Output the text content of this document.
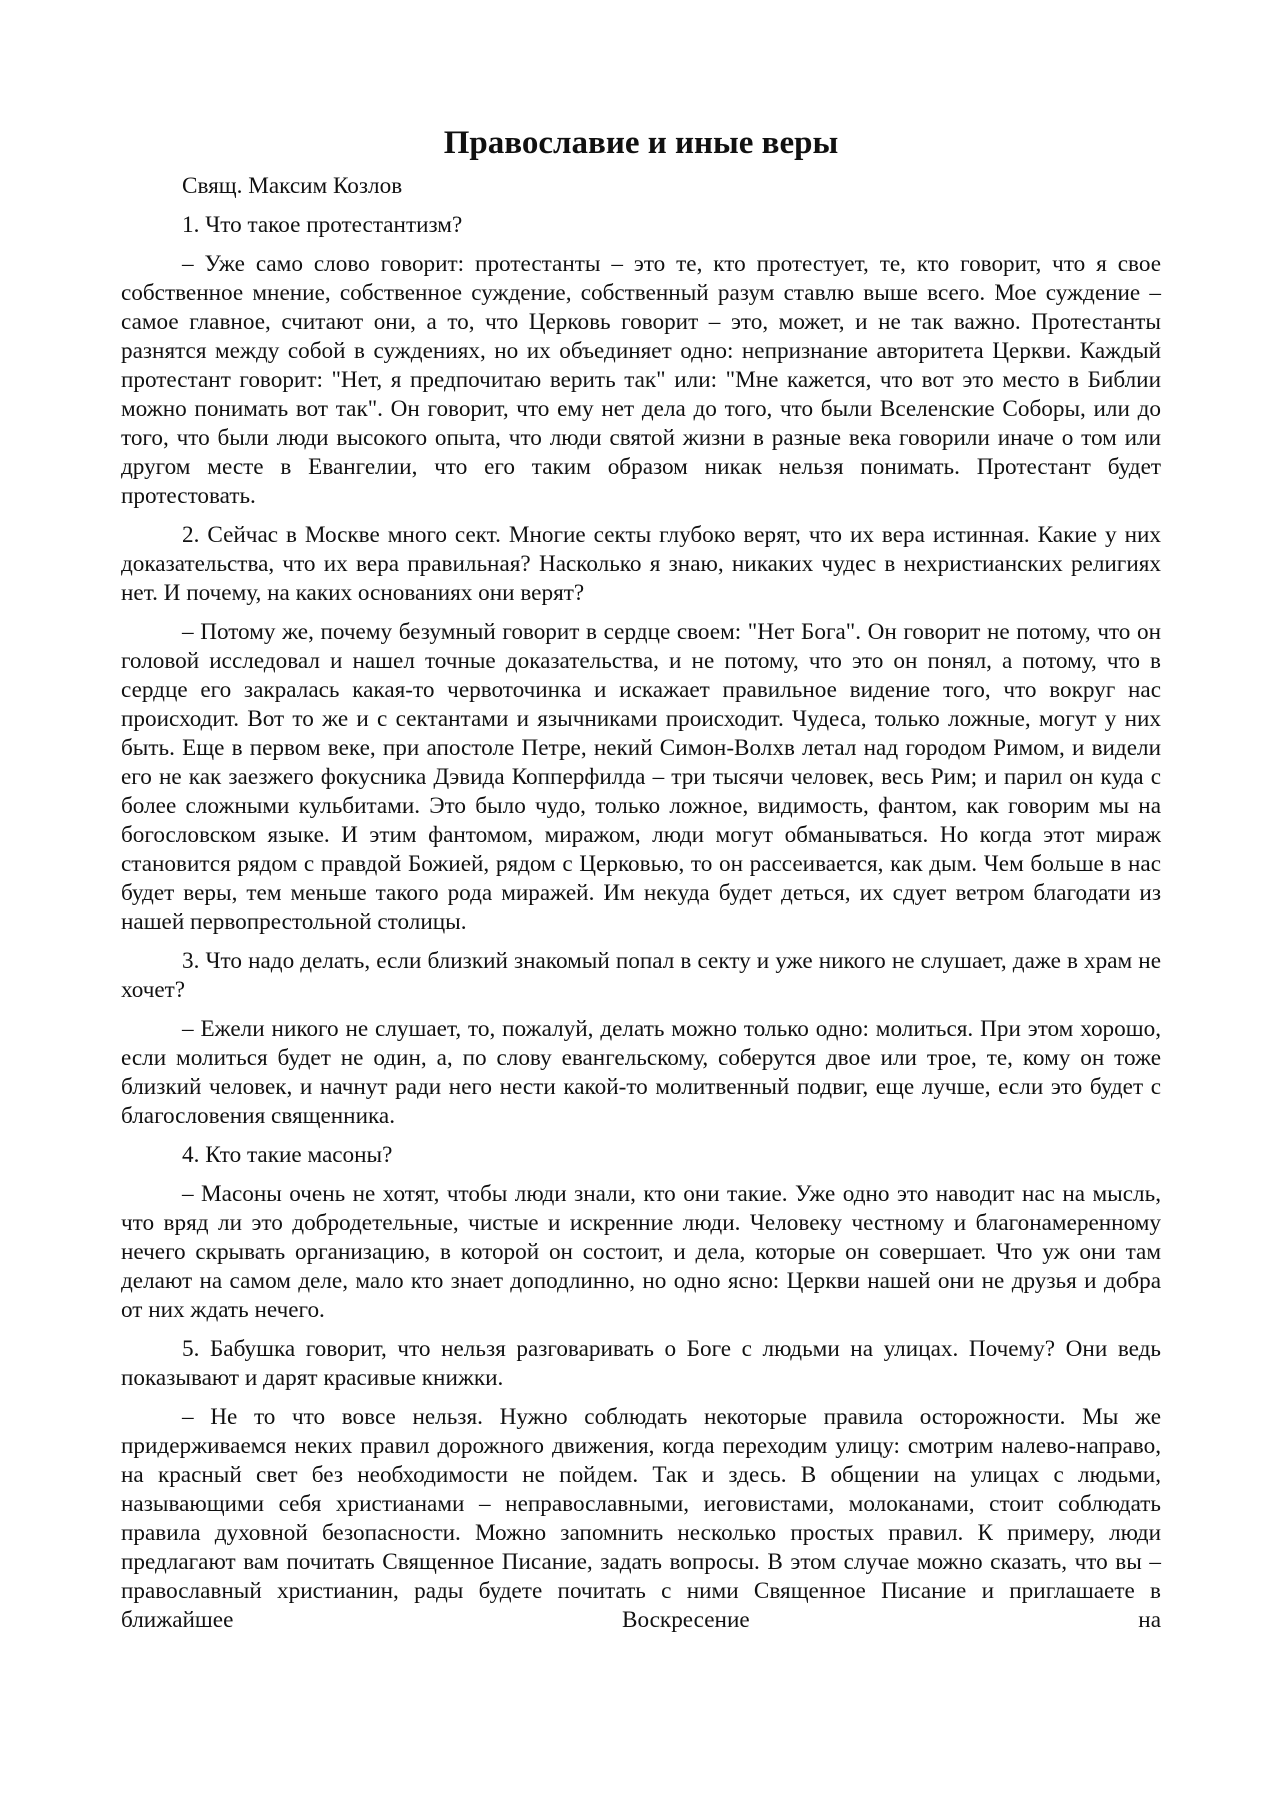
Православие и иные веры

Свящ. Максим Козлов

1. Что такое протестантизм?

– Уже само слово говорит: протестанты – это те, кто протестует, те, кто говорит, что я свое собственное мнение, собственное суждение, собственный разум ставлю выше всего. Мое суждение – самое главное, считают они, а то, что Церковь говорит – это, может, и не так важно. Протестанты разнятся между собой в суждениях, но их объединяет одно: непризнание авторитета Церкви. Каждый протестант говорит: "Нет, я предпочитаю верить так" или: "Мне кажется, что вот это место в Библии можно понимать вот так". Он говорит, что ему нет дела до того, что были Вселенские Соборы, или до того, что были люди высокого опыта, что люди святой жизни в разные века говорили иначе о том или другом месте в Евангелии, что его таким образом никак нельзя понимать. Протестант будет протестовать.

2. Сейчас в Москве много сект. Многие секты глубоко верят, что их вера истинная. Какие у них доказательства, что их вера правильная? Насколько я знаю, никаких чудес в нехристианских религиях нет. И почему, на каких основаниях они верят?

– Потому же, почему безумный говорит в сердце своем: "Нет Бога". Он говорит не потому, что он головой исследовал и нашел точные доказательства, и не потому, что это он понял, а потому, что в сердце его закралась какая-то червоточинка и искажает правильное видение того, что вокруг нас происходит. Вот то же и с сектантами и язычниками происходит. Чудеса, только ложные, могут у них быть. Еще в первом веке, при апостоле Петре, некий Симон-Волхв летал над городом Римом, и видели его не как заезжего фокусника Дэвида Копперфилда – три тысячи человек, весь Рим; и парил он куда с более сложными кульбитами. Это было чудо, только ложное, видимость, фантом, как говорим мы на богословском языке. И этим фантомом, миражом, люди могут обманываться. Но когда этот мираж становится рядом с правдой Божией, рядом с Церковью, то он рассеивается, как дым. Чем больше в нас будет веры, тем меньше такого рода миражей. Им некуда будет деться, их сдует ветром благодати из нашей первопрестольной столицы.

3. Что надо делать, если близкий знакомый попал в секту и уже никого не слушает, даже в храм не хочет?

– Ежели никого не слушает, то, пожалуй, делать можно только одно: молиться. При этом хорошо, если молиться будет не один, а, по слову евангельскому, соберутся двое или трое, те, кому он тоже близкий человек, и начнут ради него нести какой-то молитвенный подвиг, еще лучше, если это будет с благословения священника.

4. Кто такие масоны?

– Масоны очень не хотят, чтобы люди знали, кто они такие. Уже одно это наводит нас на мысль, что вряд ли это добродетельные, чистые и искренние люди. Человеку честному и благонамеренному нечего скрывать организацию, в которой он состоит, и дела, которые он совершает. Что уж они там делают на самом деле, мало кто знает доподлинно, но одно ясно: Церкви нашей они не друзья и добра от них ждать нечего.

5. Бабушка говорит, что нельзя разговаривать о Боге с людьми на улицах. Почему? Они ведь показывают и дарят красивые книжки.

– Не то что вовсе нельзя. Нужно соблюдать некоторые правила осторожности. Мы же придерживаемся неких правил дорожного движения, когда переходим улицу: смотрим налево-направо, на красный свет без необходимости не пойдем. Так и здесь. В общении на улицах с людьми, называющими себя христианами – неправославными, иеговистами, молоканами, стоит соблюдать правила духовной безопасности. Можно запомнить несколько простых правил. К примеру, люди предлагают вам почитать Священное Писание, задать вопросы. В этом случае можно сказать, что вы – православный христианин, рады будете почитать с ними Священное Писание и приглашаете в ближайшее Воскресение на
